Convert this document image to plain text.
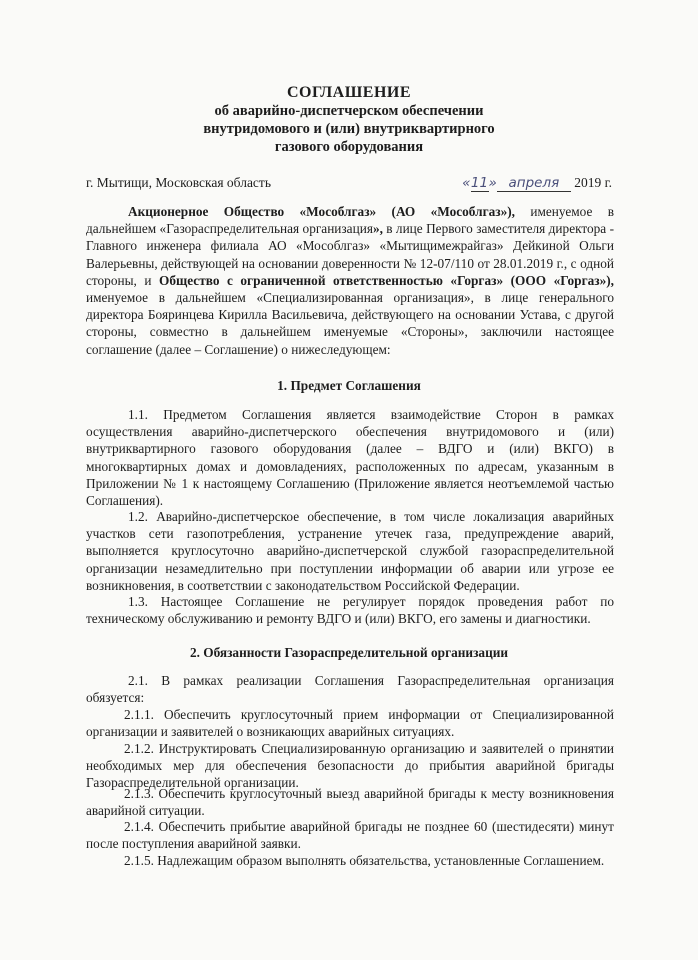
СОГЛАШЕНИЕ
об аварийно-диспетчерском обеспечении
внутридомового и (или) внутриквартирного
газового оборудования
г. Мытищи, Московская область	«11» апреля 2019 г.
Акционерное Общество «Мособлгаз» (АО «Мособлгаз»), именуемое в дальнейшем «Газораспределительная организация», в лице Первого заместителя директора - Главного инженера филиала АО «Мособлгаз» «Мытищимежрайгаз» Дейкиной Ольги Валерьевны, действующей на основании доверенности № 12-07/110 от 28.01.2019 г., с одной стороны, и Общество с ограниченной ответственностью «Горгаз» (ООО «Горгаз»), именуемое в дальнейшем «Специализированная организация», в лице генерального директора Бояринцева Кирилла Васильевича, действующего на основании Устава, с другой стороны, совместно в дальнейшем именуемые «Стороны», заключили настоящее соглашение (далее – Соглашение) о нижеследующем:
1. Предмет Соглашения
1.1. Предметом Соглашения является взаимодействие Сторон в рамках осуществления аварийно-диспетчерского обеспечения внутридомового и (или) внутриквартирного газового оборудования (далее – ВДГО и (или) ВКГО) в многоквартирных домах и домовладениях, расположенных по адресам, указанным в Приложении № 1 к настоящему Соглашению (Приложение является неотъемлемой частью Соглашения).
1.2. Аварийно-диспетчерское обеспечение, в том числе локализация аварийных участков сети газопотребления, устранение утечек газа, предупреждение аварий, выполняется круглосуточно аварийно-диспетчерской службой газораспределительной организации незамедлительно при поступлении информации об аварии или угрозе ее возникновения, в соответствии с законодательством Российской Федерации.
1.3. Настоящее Соглашение не регулирует порядок проведения работ по техническому обслуживанию и ремонту ВДГО и (или) ВКГО, его замены и диагностики.
2. Обязанности Газораспределительной организации
2.1. В рамках реализации Соглашения Газораспределительная организация обязуется:
2.1.1. Обеспечить круглосуточный прием информации от Специализированной организации и заявителей о возникающих аварийных ситуациях.
2.1.2. Инструктировать Специализированную организацию и заявителей о принятии необходимых мер для обеспечения безопасности до прибытия аварийной бригады Газораспределительной организации.
2.1.3. Обеспечить круглосуточный выезд аварийной бригады к месту возникновения аварийной ситуации.
2.1.4. Обеспечить прибытие аварийной бригады не позднее 60 (шестидесяти) минут после поступления аварийной заявки.
2.1.5. Надлежащим образом выполнять обязательства, установленные Соглашением.
